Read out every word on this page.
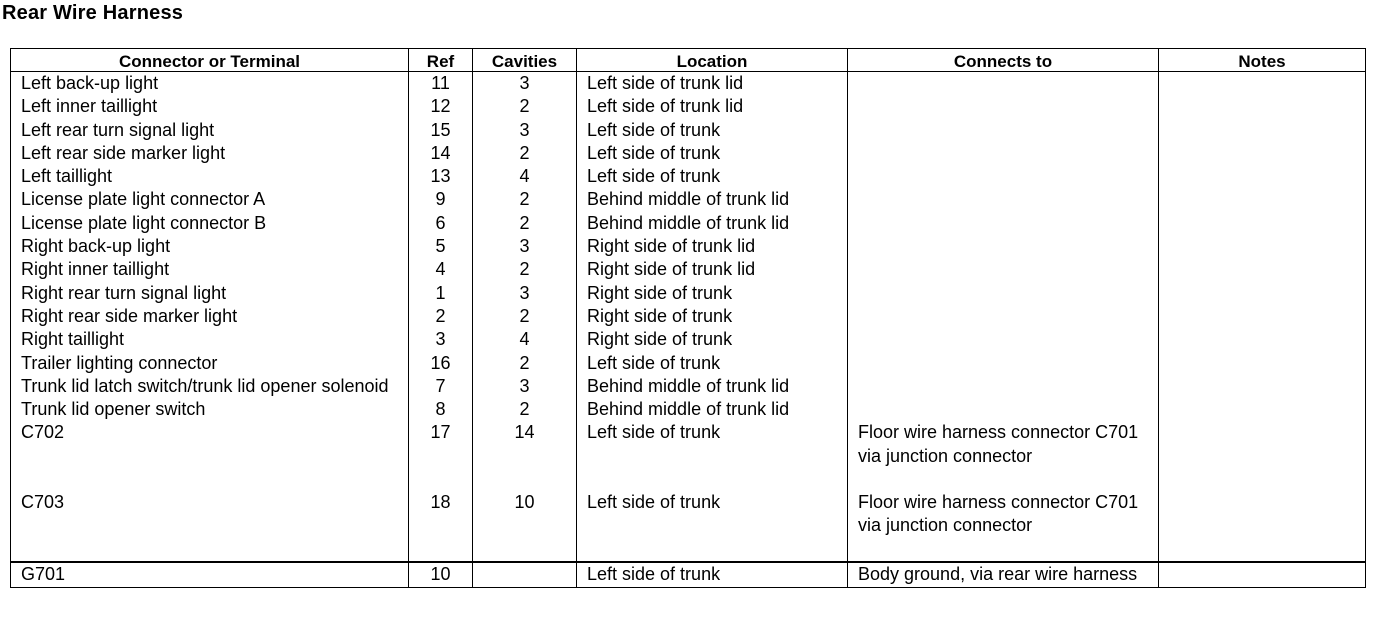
Rear Wire Harness
Connector or Terminal	Ref	Cavities	Location	Connects to	Notes
Left back-up light	11	3	Left side of trunk lid		
Left inner taillight	12	2	Left side of trunk lid		
Left rear turn signal light	15	3	Left side of trunk		
Left rear side marker light	14	2	Left side of trunk		
Left taillight	13	4	Left side of trunk		
License plate light connector A	9	2	Behind middle of trunk lid		
License plate light connector B	6	2	Behind middle of trunk lid		
Right back-up light	5	3	Right side of trunk lid		
Right inner taillight	4	2	Right side of trunk lid		
Right rear turn signal light	1	3	Right side of trunk		
Right rear side marker light	2	2	Right side of trunk		
Right taillight	3	4	Right side of trunk		
Trailer lighting connector	16	2	Left side of trunk		
Trunk lid latch switch/trunk lid opener solenoid	7	3	Behind middle of trunk lid		
Trunk lid opener switch	8	2	Behind middle of trunk lid		
C702	17	14	Left side of trunk	Floor wire harness connector C701 via junction connector	
C703	18	10	Left side of trunk	Floor wire harness connector C701 via junction connector	
G701	10		Left side of trunk	Body ground, via rear wire harness	
